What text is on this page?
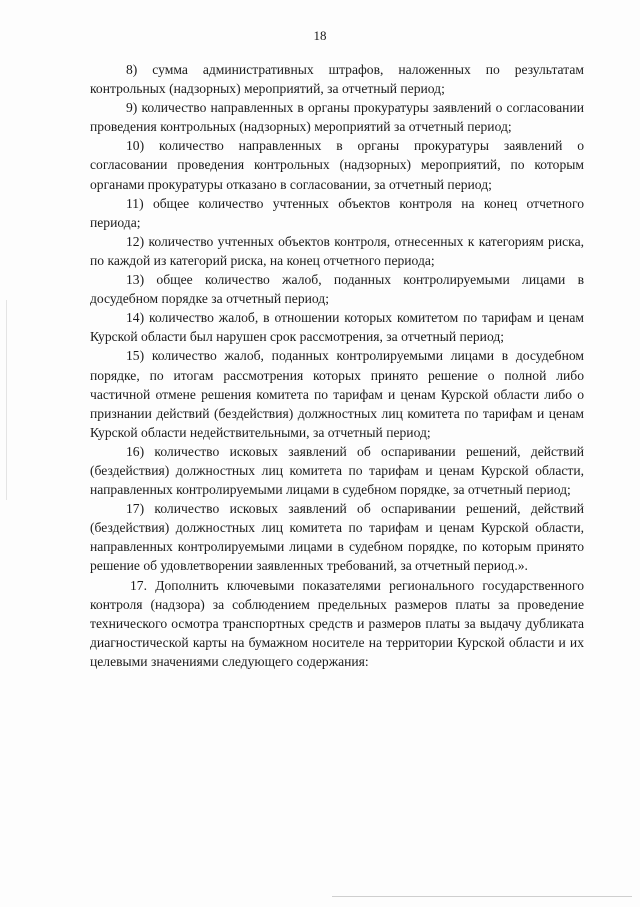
18

8) сумма административных штрафов, наложенных по результатам контрольных (надзорных) мероприятий, за отчетный период;

9) количество направленных в органы прокуратуры заявлений о согласовании проведения контрольных (надзорных) мероприятий за отчетный период;

10) количество направленных в органы прокуратуры заявлений о согласовании проведения контрольных (надзорных) мероприятий, по которым органами прокуратуры отказано в согласовании, за отчетный период;

11) общее количество учтенных объектов контроля на конец отчетного периода;

12) количество учтенных объектов контроля, отнесенных к категориям риска, по каждой из категорий риска, на конец отчетного периода;

13) общее количество жалоб, поданных контролируемыми лицами в досудебном порядке за отчетный период;

14) количество жалоб, в отношении которых комитетом по тарифам и ценам Курской области был нарушен срок рассмотрения, за отчетный период;

15) количество жалоб, поданных контролируемыми лицами в досудебном порядке, по итогам рассмотрения которых принято решение о полной либо частичной отмене решения комитета по тарифам и ценам Курской области либо о признании действий (бездействия) должностных лиц комитета по тарифам и ценам Курской области недействительными, за отчетный период;

16) количество исковых заявлений об оспаривании решений, действий (бездействия) должностных лиц комитета по тарифам и ценам Курской области, направленных контролируемыми лицами в судебном порядке, за отчетный период;

17) количество исковых заявлений об оспаривании решений, действий (бездействия) должностных лиц комитета по тарифам и ценам Курской области, направленных контролируемыми лицами в судебном порядке, по которым принято решение об удовлетворении заявленных требований, за отчетный период.».

17. Дополнить ключевыми показателями регионального государственного контроля (надзора) за соблюдением предельных размеров платы за проведение технического осмотра транспортных средств и размеров платы за выдачу дубликата диагностической карты на бумажном носителе на территории Курской области и их целевыми значениями следующего содержания:
